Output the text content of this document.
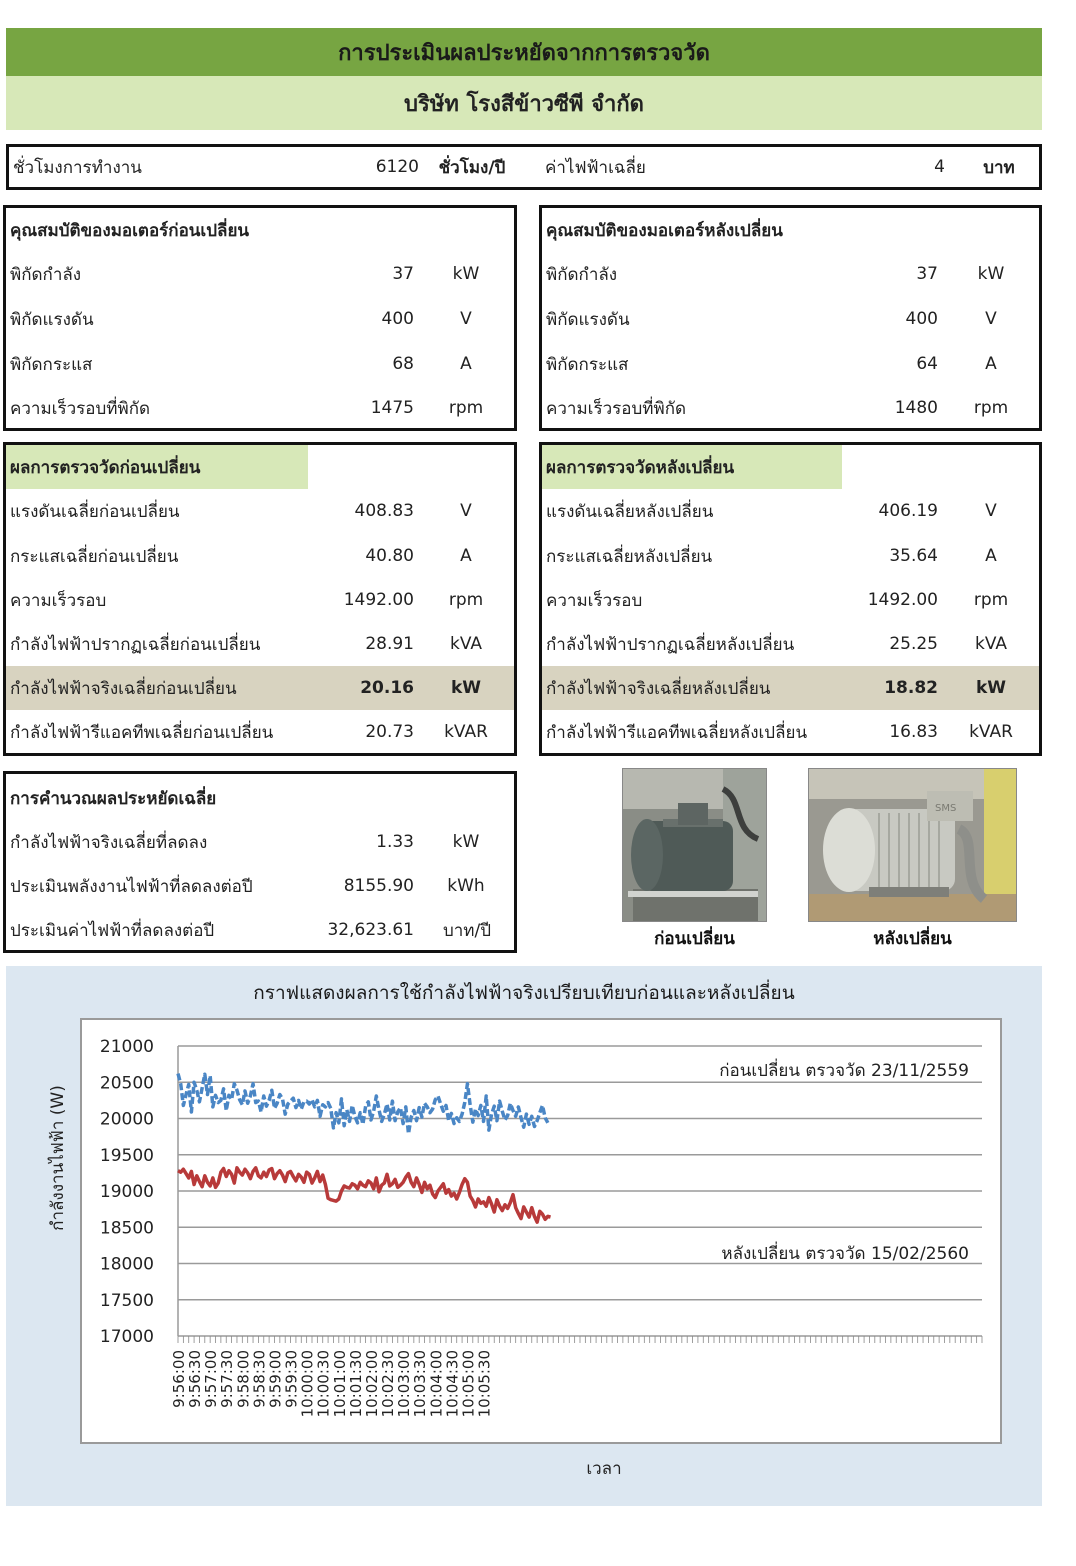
การประเมินผลประหยัดจากการตรวจวัด
บริษัท โรงสีข้าวซีพี จำกัด
ชั่วโมงการทำงาน	6120	ชั่วโมง/ปี	ค่าไฟฟ้าเฉลี่ย	4	บาท
คุณสมบัติของมอเตอร์ก่อนเปลี่ยน
พิกัดกำลัง	37	kW
พิกัดแรงดัน	400	V
พิกัดกระแส	68	A
ความเร็วรอบที่พิกัด	1475	rpm
คุณสมบัติของมอเตอร์หลังเปลี่ยน
พิกัดกำลัง	37	kW
พิกัดแรงดัน	400	V
พิกัดกระแส	64	A
ความเร็วรอบที่พิกัด	1480	rpm
ผลการตรวจวัดก่อนเปลี่ยน
แรงดันเฉลี่ยก่อนเปลี่ยน	408.83	V
กระแสเฉลี่ยก่อนเปลี่ยน	40.80	A
ความเร็วรอบ	1492.00	rpm
กำลังไฟฟ้าปรากฏเฉลี่ยก่อนเปลี่ยน	28.91	kVA
กำลังไฟฟ้าจริงเฉลี่ยก่อนเปลี่ยน	20.16	kW
กำลังไฟฟ้ารีแอคทีพเฉลี่ยก่อนเปลี่ยน	20.73	kVAR
ผลการตรวจวัดหลังเปลี่ยน
แรงดันเฉลี่ยหลังเปลี่ยน	406.19	V
กระแสเฉลี่ยหลังเปลี่ยน	35.64	A
ความเร็วรอบ	1492.00	rpm
กำลังไฟฟ้าปรากฏเฉลี่ยหลังเปลี่ยน	25.25	kVA
กำลังไฟฟ้าจริงเฉลี่ยหลังเปลี่ยน	18.82	kW
กำลังไฟฟ้ารีแอคทีพเฉลี่ยหลังเปลี่ยน	16.83	kVAR
การคำนวณผลประหยัดเฉลี่ย
กำลังไฟฟ้าจริงเฉลี่ยที่ลดลง	1.33	kW
ประเมินพลังงานไฟฟ้าที่ลดลงต่อปี	8155.90	kWh
ประเมินค่าไฟฟ้าที่ลดลงต่อปี	32,623.61	บาท/ปี
SMS
ก่อนเปลี่ยน	หลังเปลี่ยน
กราฟแสดงผลการใช้กำลังไฟฟ้าจริงเปรียบเทียบก่อนและหลังเปลี่ยน
21000
20500
20000
19500
19000
18500
18000
17500
17000
9:56:00
9:56:30
9:57:00
9:57:30
9:58:00
9:58:30
9:59:00
9:59:30
10:00:00
10:00:30
10:01:00
10:01:30
10:02:00
10:02:30
10:03:00
10:03:30
10:04:00
10:04:30
10:05:00
10:05:30
กำลังงานไฟฟ้า (W)
เวลา
ก่อนเปลี่ยน ตรวจวัด 23/11/2559
หลังเปลี่ยน ตรวจวัด 15/02/2560
